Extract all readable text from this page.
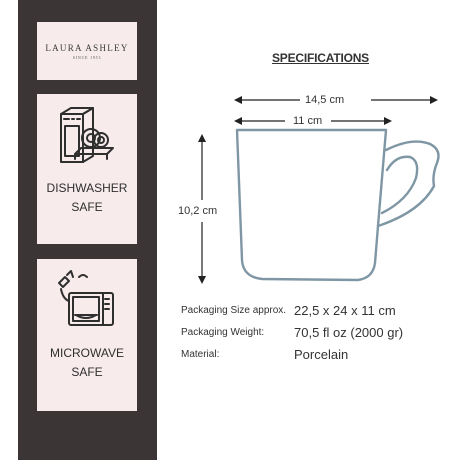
LAURA ASHLEY
SINCE 1953
DISHWASHER
SAFE
MICROWAVE
SAFE
SPECIFICATIONS
14,5 cm
11 cm
10,2 cm
Packaging Size approx. 22,5 x 24 x 11 cm
Packaging Weight: 70,5 fl oz (2000 gr)
Material:	Porcelain
